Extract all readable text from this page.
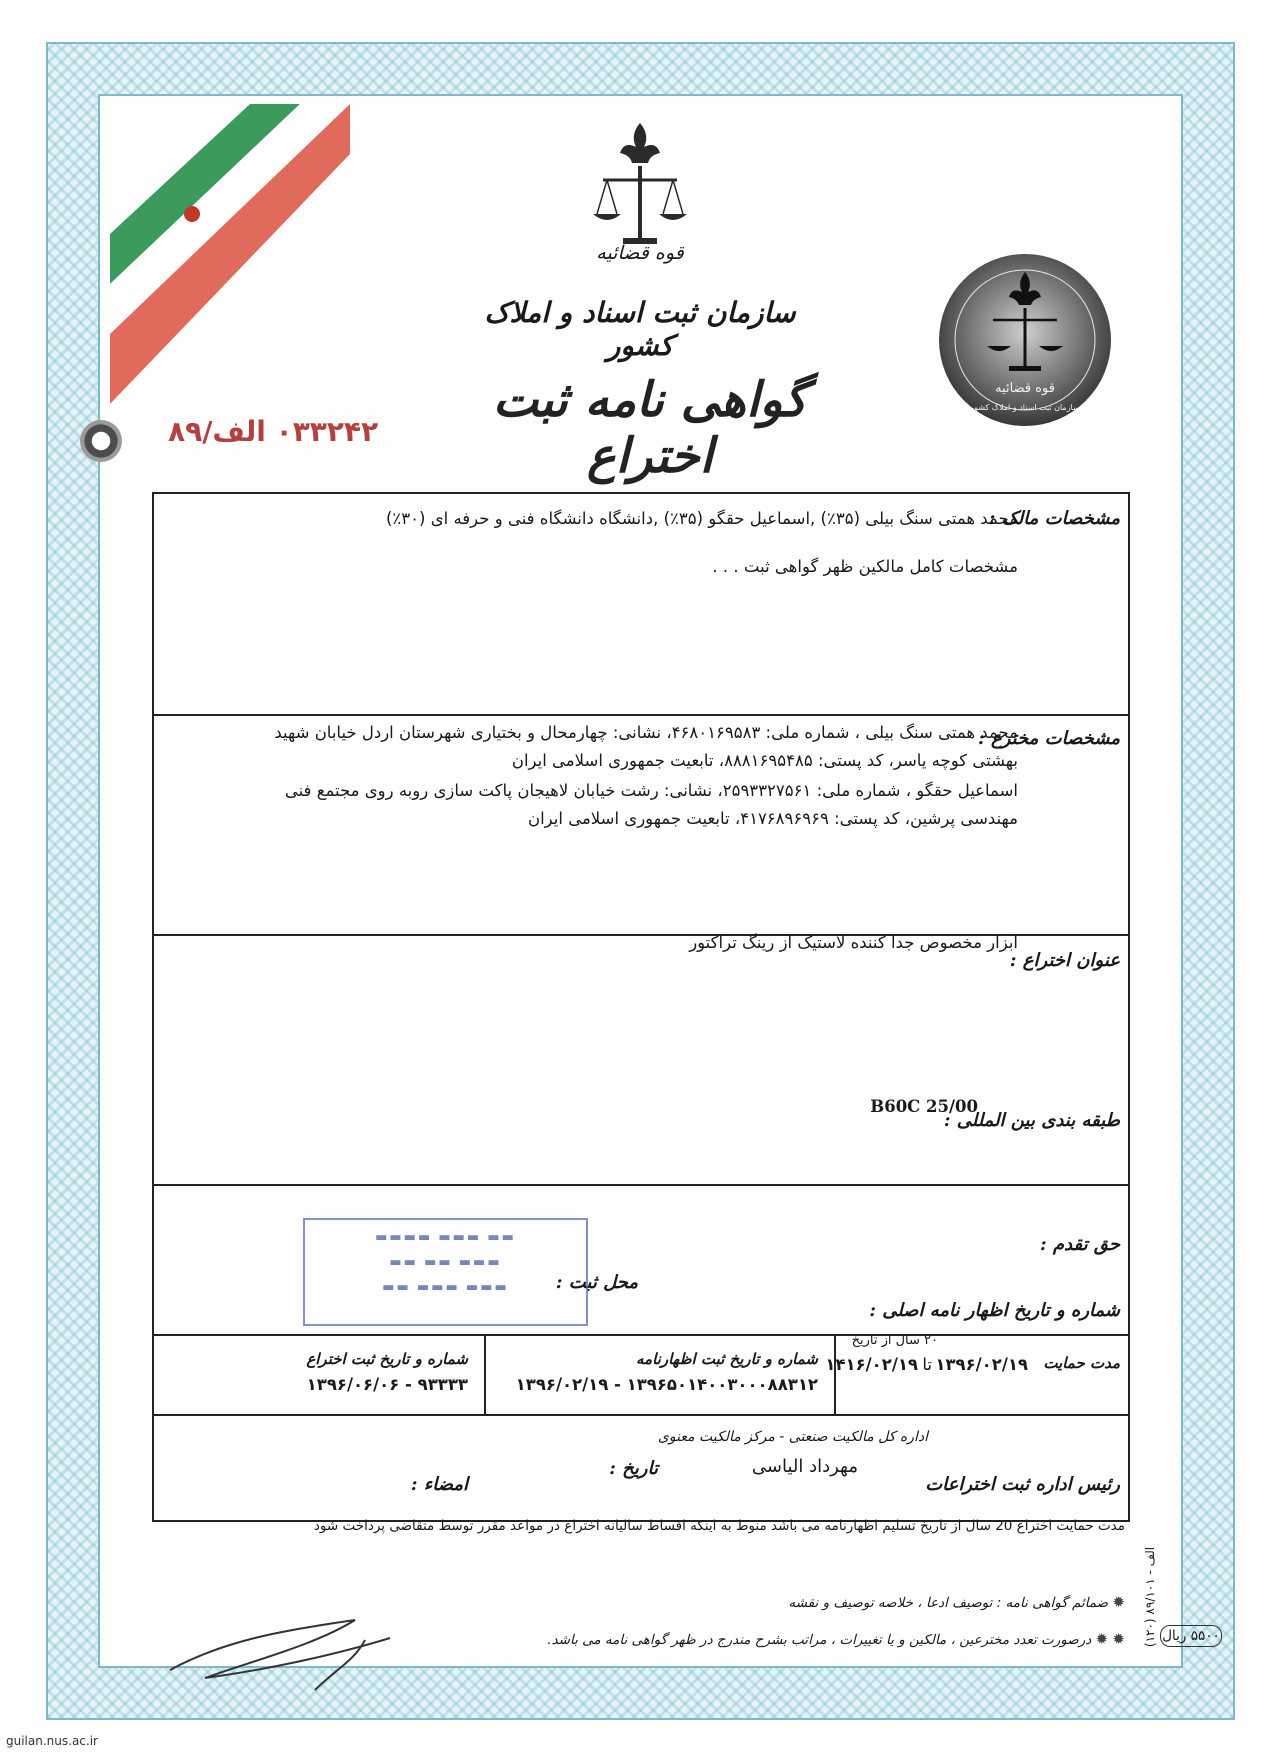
قوه قضائیه
سازمان ثبت اسناد و املاک کشور
گواهی نامه ثبت اختراع
۰۳۳۲۴۲ الف/۸۹
قوه قضائیه
سازمان ثبت اسناد و املاک کشور
مشخصات مالک :
محمد همتی سنگ بیلی (۳۵٪) ,اسماعیل حقگو (۳۵٪) ,دانشگاه دانشگاه فنی و حرفه ای (۳۰٪)
مشخصات کامل مالکین ظهر گواهی ثبت . . .
مشخصات مخترع :
محمد همتی سنگ بیلی ، شماره ملی: ۴۶۸۰۱۶۹۵۸۳، نشانی: چهارمحال و بختیاری شهرستان اردل خیابان شهید
بهشتی کوچه یاسر، کد پستی: ۸۸۸۱۶۹۵۴۸۵، تابعیت جمهوری اسلامی ایران
اسماعیل حقگو ، شماره ملی: ۲۵۹۳۳۲۷۵۶۱، نشانی: رشت خیابان لاهیجان پاکت سازی روبه روی مجتمع فنی
مهندسی پرشین، کد پستی: ۴۱۷۶۸۹۶۹۶۹، تابعیت جمهوری اسلامی ایران
عنوان اختراع :
ابزار مخصوص جدا کننده لاستیک از رینگ تراکتور
طبقه بندی بین المللی :
B60C 25/00
حق تقدم :
محل ثبت :
شماره و تاریخ اظهار نامه اصلی :
۲۰ سال از تاریخ
مدت حمایت
۱۳۹۶/۰۲/۱۹
تا
۱۴۱۶/۰۲/۱۹
شماره و تاریخ ثبت اظهارنامه
۱۳۹۶۵۰۱۴۰۰۳۰۰۰۸۸۳۱۲ - ۱۳۹۶/۰۲/۱۹
شماره و تاریخ ثبت اختراع
۹۳۳۳۳ - ۱۳۹۶/۰۶/۰۶
اداره کل مالکیت صنعتی - مرکز مالکیت معنوی
رئیس اداره ثبت اختراعات
مهرداد الیاسی
تاریخ :
امضاء :
▬▬ ▬▬▬ ▬▬▬▬
▬▬▬ ▬▬ ▬▬
▬▬▬ ▬▬▬ ▬▬
مدت حمایت اختراع 20 سال از تاریخ تسلیم اظهارنامه می باشد منوط به اینکه اقساط سالیانه اختراع در مواعد مقرر توسط متقاضی پرداخت شود
✹ ضمائم گواهی نامه : توصیف ادعا ، خلاصه توصیف و نقشه
✹ ✹ درصورت تعدد مخترعین ، مالکین و یا تغییرات ، مراتب بشرح مندرج در ظهر گواهی نامه می باشد.	۵۵۰۰ ریال
(۱۲۰) الف - ۸۹/۱۰۱
guilan.nus.ac.ir
